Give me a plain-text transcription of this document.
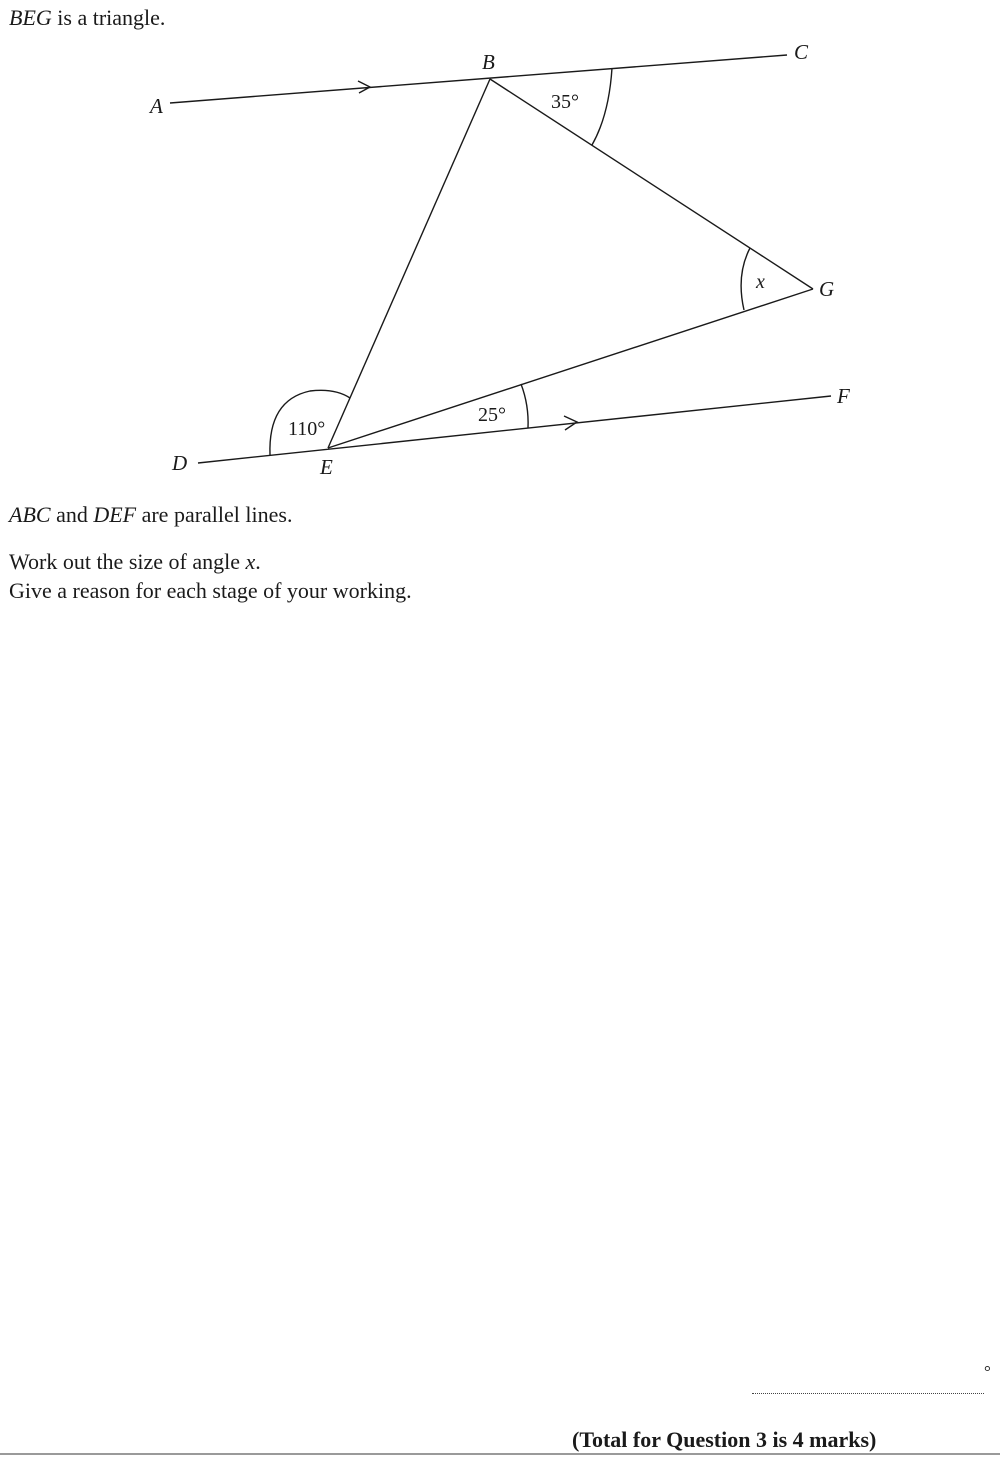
BEG is a triangle.
A
B	C
D	E
F
G
35°
110°
25°
x
ABC and DEF are parallel lines.
Work out the size of angle x.
Give a reason for each stage of your working.
°
(Total for Question 3 is 4 marks)
